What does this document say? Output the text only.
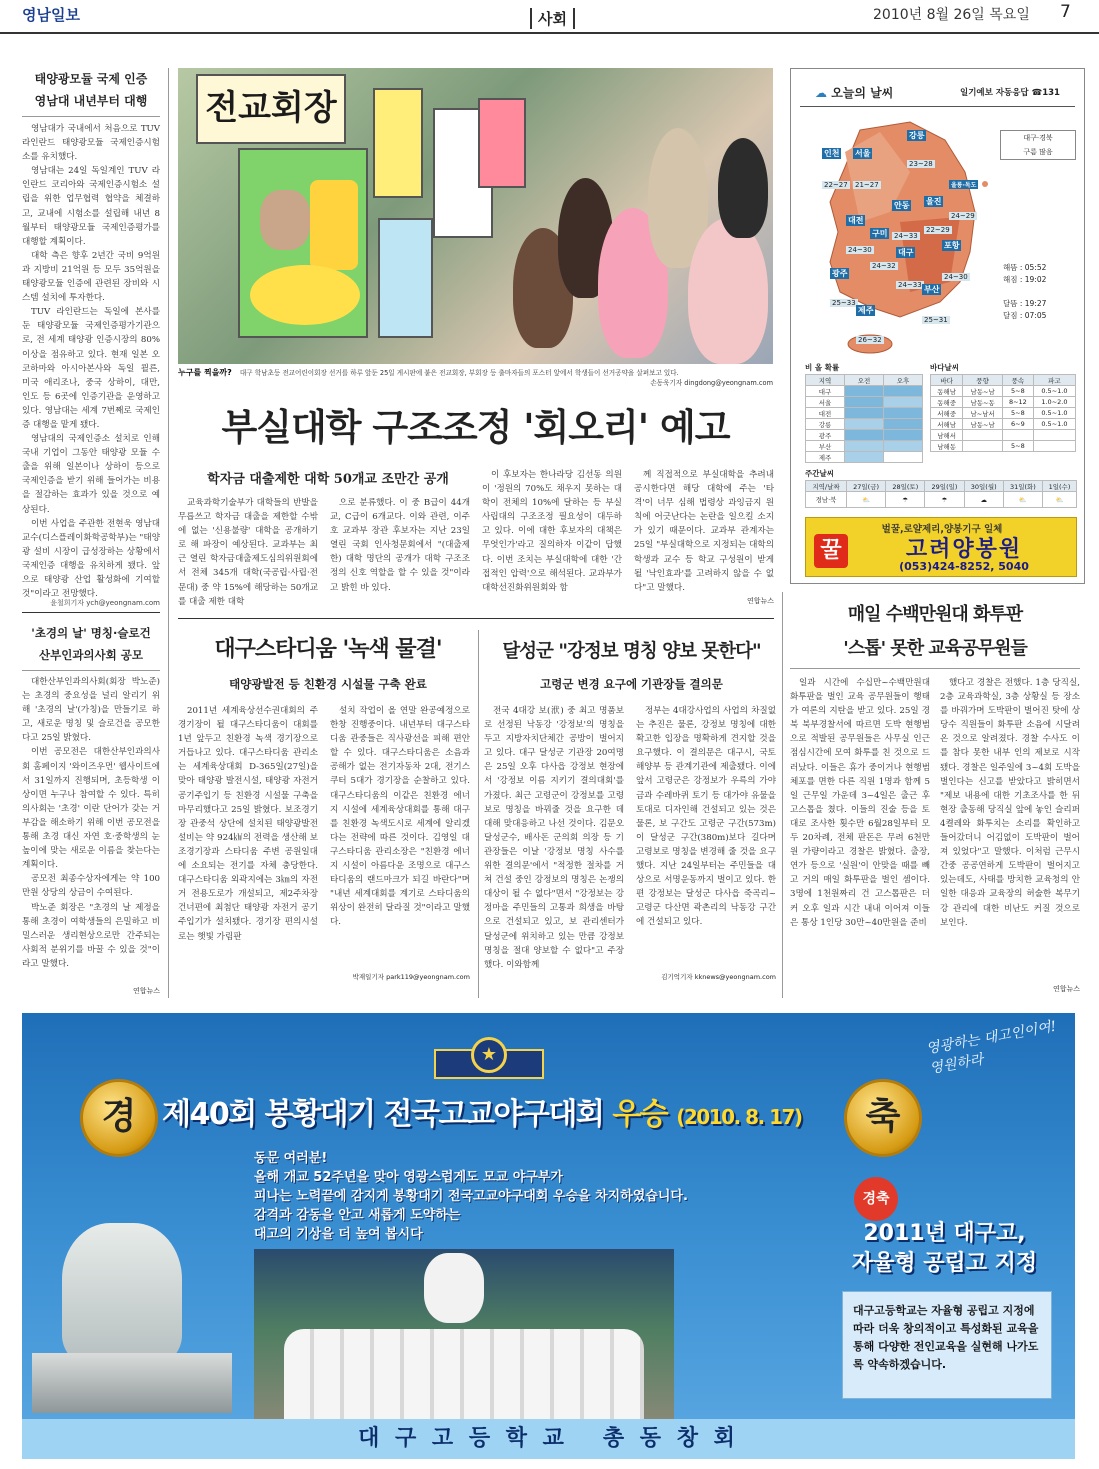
영남일보	사회	2010년 8월 26일 목요일 7
태양광모듈 국제 인증
영남대 내년부터 대행

영남대가 국내에서 처음으로 TUV 라인란드 태양광모듈 국제인증시험소를 유치했다.

영남대는 24일 독일계인 TUV 라인란드 코리아와 국제인증시험소 설립을 위한 업무협력 협약을 체결하고, 교내에 시험소를 설립해 내년 8월부터 태양광모듈 국제인증평가를 대행할 계획이다.

대학 측은 향후 2년간 국비 9억원과 지방비 21억원 등 모두 35억원을 태양광모듈 인증에 관련된 장비와 시스템 설치에 투자한다.

TUV 라인란드는 독일에 본사를 둔 태양광모듈 국제인증평가기관으로, 전 세계 태양광 인증시장의 80% 이상을 점유하고 있다. 현재 일본 오코하마와 아시아본사와 독일 쾰른, 미국 애리조나, 중국 상하이, 대만, 인도 등 6곳에 인증기관을 운영하고 있다. 영남대는 세계 7번째로 국제인증 대행을 맡게 됐다.

영남대의 국제인증소 설치로 인해 국내 기업이 그동안 태양광 모듈 수출을 위해 일본이나 상하이 등으로 국제인증을 받기 위해 들어가는 비용을 절감하는 효과가 있을 것으로 예상된다.

이번 사업을 주관한 전현욱 영남대 교수(디스플레이화학공학부)는 "태양광 설비 시장이 급성장하는 상황에서 국제인증 대행을 유치하게 됐다. 앞으로 태양광 산업 활성화에 기여할 것"이라고 전망했다.

윤철희기자 ych@yeongnam.com
'초경의 날' 명칭·슬로건
산부인과의사회 공모

대한산부인과의사회(회장 박노준)는 초경의 중요성을 널리 알리기 위해 '초경의 날'(가칭)을 만들기로 하고, 새로운 명칭 및 슬로건을 공모한다고 25일 밝혔다.

이번 공모전은 대한산부인과의사회 홈페이지 '와이즈우먼' 웹사이트에서 31일까지 진행되며, 초등학생 이상이면 누구나 참여할 수 있다. 특히 의사회는 '초경' 이란 단어가 갖는 거부감을 해소하기 위해 이번 공모전을 통해 초경 대신 자연 호·중학생의 눈높이에 맞는 새로운 이름을 찾는다는 계획이다.

공모전 최종수상자에게는 약 100만원 상당의 상금이 수여된다.

박노준 회장은 "초경의 날 제정을 통해 초경이 여학생들의 은밀하고 비밀스러운 생리현상으로만 간주되는 사회적 분위기를 바꿀 수 있을 것"이라고 말했다.

연합뉴스
전교회장
누구를 찍을까? 대구 학남초등 전교어린이회장 선거를 하루 앞둔 25일 게시판에 붙은 전교회장, 부회장 등 출마자들의 포스터 앞에서 학생들이 선거공약을 살펴보고 있다.
손동욱기자 dingdong@yeongnam.com
부실대학 구조조정 '회오리' 예고
학자금 대출제한 대학 50개교 조만간 공개

교육과학기술부가 대학들의 반발을 무릅쓰고 학자금 대출을 제한할 수밖에 없는 '신용불량' 대학을 공개하기로 해 파장이 예상된다. 교과부는 최근 열린 학자금대출제도심의위원회에서 전체 345개 대학(국공립·사립·전문대) 중 약 15%에 해당하는 50개교를 대출 제한 대학

으로 분류했다. 이 중 B급이 44개교, C급이 6개교다. 이와 관련, 이주호 교과부 장관 후보자는 지난 23일 열린 국회 인사청문회에서 "(대출제한) 대학 명단의 공개가 대학 구조조정의 신호 역할을 할 수 있을 것"이라고 밝힌 바 있다.

이 후보자는 한나라당 김선동 의원이 '정원의 70%도 채우지 못하는 대학이 전체의 10%에 달하는 등 부실사립대의 구조조정 필요성이 대두하고 있다. 이에 대한 후보자의 대책은 무엇인가'라고 질의하자 이같이 답했다. 이번 조치는 부실대학에 대한 '간접적인 압력'으로 해석된다. 교과부가 대학선진화위원회와 함

께 직접적으로 부실대학을 추려내 공시한다면 해당 대학에 주는 '타격'이 너무 심해 법령상 과잉금지 원칙에 어긋난다는 논란을 일으킬 소지가 있기 때문이다. 교과부 관계자는 25일 "부실대학으로 지정되는 대학의 학생과 교수 등 학교 구성원이 받게 될 '낙인효과'를 고려하지 않을 수 없다"고 말했다.

연합뉴스
대구스타디움 '녹색 물결'
태양광발전 등 친환경 시설물 구축 완료

2011년 세계육상선수권대회의 주경기장이 될 대구스타디움이 대회를 1년 앞두고 친환경 녹색 경기장으로 거듭나고 있다. 대구스타디움 관리소는 세계육상대회 D-365일(27일)을 맞아 태양광 발전시설, 태양광 자전거 공기주입기 등 친환경 시설물 구축을 마무리했다고 25일 밝혔다. 보조경기장 관중석 상단에 설치된 태양광발전설비는 약 924㎾의 전력을 생산해 보조경기장과 스타디움 주변 공원일대에 소요되는 전기를 자체 충당한다. 대구스타디움 외곽지에는 3㎞의 자전거 전용도로가 개설되고, 제2주차장 건너편에 최첨단 태양광 자전거 공기주입기가 설치됐다. 경기장 편의시설로는 햇빛 가림판

설치 작업이 올 연말 완공예정으로 한창 진행중이다. 내년부터 대구스타디움 관중들은 직사광선을 피해 편안할 수 있다. 대구스타디움은 소음과 공해가 없는 전기자동차 2대, 전기스쿠터 5대가 경기장을 순찰하고 있다. 대구스타디움의 이같은 친환경 에너지 시설에 세계육상대회를 통해 대구를 친환경 녹색도시로 세계에 알리겠다는 전략에 따른 것이다. 김영일 대구스타디움 관리소장은 "친환경 에너지 시설이 아름다운 조명으로 대구스타디움의 랜드마크가 되길 바란다"며 "내년 세계대회를 계기로 스타디움의 위상이 완전히 달라질 것"이라고 말했다.

박재일기자 park119@yeongnam.com
달성군 "강정보 명칭 양보 못한다"
고령군 변경 요구에 기관장들 결의문

전국 4대강 보(洑) 중 최고 명품보로 선정된 낙동강 '강정보'의 명칭을 두고 지방자치단체간 공방이 벌어지고 있다. 대구 달성군 기관장 20여명은 25일 오후 다사읍 강정보 현장에서 '강정보 이름 지키기 결의대회'를 가졌다. 최근 고령군이 강정보를 고령보로 명칭을 바꿔줄 것을 요구한 데 대해 맞대응하고 나선 것이다. 김문오 달성군수, 배사돈 군의회 의장 등 기관장들은 이날 '강정보 명칭 사수를 위한 결의문'에서 "적정한 절차를 거쳐 건설 중인 강정보의 명칭은 논쟁의 대상이 될 수 없다"면서 "강정보는 강정마을 주민들의 고통과 희생을 바탕으로 건설되고 있고, 보 관리센터가 달성군에 위치하고 있는 만큼 강정보 명칭을 절대 양보할 수 없다"고 주장했다. 이와함께

정부는 4대강사업의 사업의 차질없는 추진은 물론, 강정보 명칭에 대한 확고한 입장을 명확하게 견지할 것을 요구했다. 이 결의문은 대구시, 국토해양부 등 관계기관에 제출됐다. 이에앞서 고령군은 강정보가 우륵의 가야금과 수레바퀴 토기 등 대가야 유물을 토대로 디자인해 건설되고 있는 것은 물론, 보 구간도 고령군 구간(573m)이 달성군 구간(380m)보다 길다며 고령보로 명칭을 변경해 줄 것을 요구했다. 지난 24일부터는 주민들을 대상으로 서명운동까지 벌이고 있다. 한편 강정보는 달성군 다사읍 죽곡리~고령군 다산면 곽촌리의 낙동강 구간에 건설되고 있다.

김기억기자 kknews@yeongnam.com
매일 수백만원대 화투판
'스톱' 못한 교육공무원들

일과 시간에 수십만~수백만원대 화투판을 벌인 교육 공무원들이 행태가 여론의 지탄을 받고 있다. 25일 경북 북부경찰서에 따르면 도박 현행범으로 적발된 공무원들은 사무실 인근 점심시간에 모여 화투를 친 것으로 드러났다. 이들은 휴가 중이거나 현행범 체포를 면한 다른 직원 1명과 함께 5일 근무일 가운데 3~4일은 출근 후 고스톱을 쳤다. 이들의 진술 등을 토대로 조사한 횟수만 6월28일부터 모두 20차례, 전체 판돈은 무려 6천만원 가량이라고 경찰은 밝혔다. 출장, 연가 등으로 '실원'이 안맞을 때를 빼고 거의 매일 화투판을 벌인 셈이다. 3명에 1천원짜리 건 고스톱판은 더 커 오후 일과 시간 내내 이어져 이들은 통상 1인당 30만~40만원을 준비

했다고 경찰은 전했다. 1층 당직실, 2층 교육과학실, 3층 상황실 등 장소를 바꿔가며 도박판이 벌어진 탓에 상당수 직원들이 화투판 소음에 시달려온 것으로 알려졌다. 경찰 수사도 이를 참다 못한 내부 인의 제보로 시작됐다. 경찰은 일주일에 3~4회 도박을 벌인다는 신고를 받았다고 밝히면서 "제보 내용에 대한 기초조사를 한 뒤 현장 출동해 당직실 앞에 놓인 슬리퍼 4켤레와 화투치는 소리를 확인하고 들어갔더니 어김없이 도박판이 벌어져 있었다"고 말했다. 이처럼 근무시간중 공공연하게 도박판이 벌어지고 있는데도, 사태를 방치한 교육청의 안일한 대응과 교육장의 허술한 복무기강 관리에 대한 비난도 커질 것으로 보인다.

연합뉴스
☁ 오늘의 날씨	일기예보 자동응답 ☎131
인천
22~27
서울
21~27
강릉
23~28
울릉·독도
24~29
안동
24~33
울진
22~29
대전
24~30
구미
24~32
대구
24~33
포항
24~30
광주
25~33
부산
25~31
제주
26~32
대구·경북
구름 많음
해뜸 : 05:52
해짐 : 19:02
달뜸 : 19:27
달짐 : 07:05
비 올 확률
지역	오전	오후
대구		
서울		
대전		
강릉		
광주		
부산		
제주		
바다날씨
바다	풍향	풍속	파고
동해남	남동~남	5~8	0.5~1.0
동해중	남동~동	8~12	1.0~2.0
서해중	남~남서	5~8	0.5~1.0
서해남	남동~남	6~9	0.5~1.0
남해서			
남해동		5~8	
주간날씨
지역/날짜	27일(금)	28일(토)	29일(일)	30일(월)	31일(화)	1일(수)
경남·북	⛅	☂	☂	☁	⛅	⛅
벌꿀,로얄제리,양봉기구 일체
꿀	고려양봉원
(053)424-8252, 5040
★
경	축
제40회 봉황대기 전국고교야구대회 우승 (2010. 8. 17)
영광하는 대고인이여! 영원하라
동문 여러분!
올해 개교 52주년을 맞아 영광스럽게도 모교 야구부가
피나는 노력끝에 감지게 봉황대기 전국고교야구대회 우승을 차지하였습니다.
감격과 감동을 안고 새롭게 도약하는
대고의 기상을 더 높여 봅시다
경축
2011년 대구고,
자율형 공립고 지정
대구고등학교는 자율형 공립고 지정에 따라 더욱 창의적이고 특성화된 교육을 통해 다양한 전인교육을 실현해 나가도록 약속하겠습니다.
대 구 고 등 학 교   총 동 창 회
